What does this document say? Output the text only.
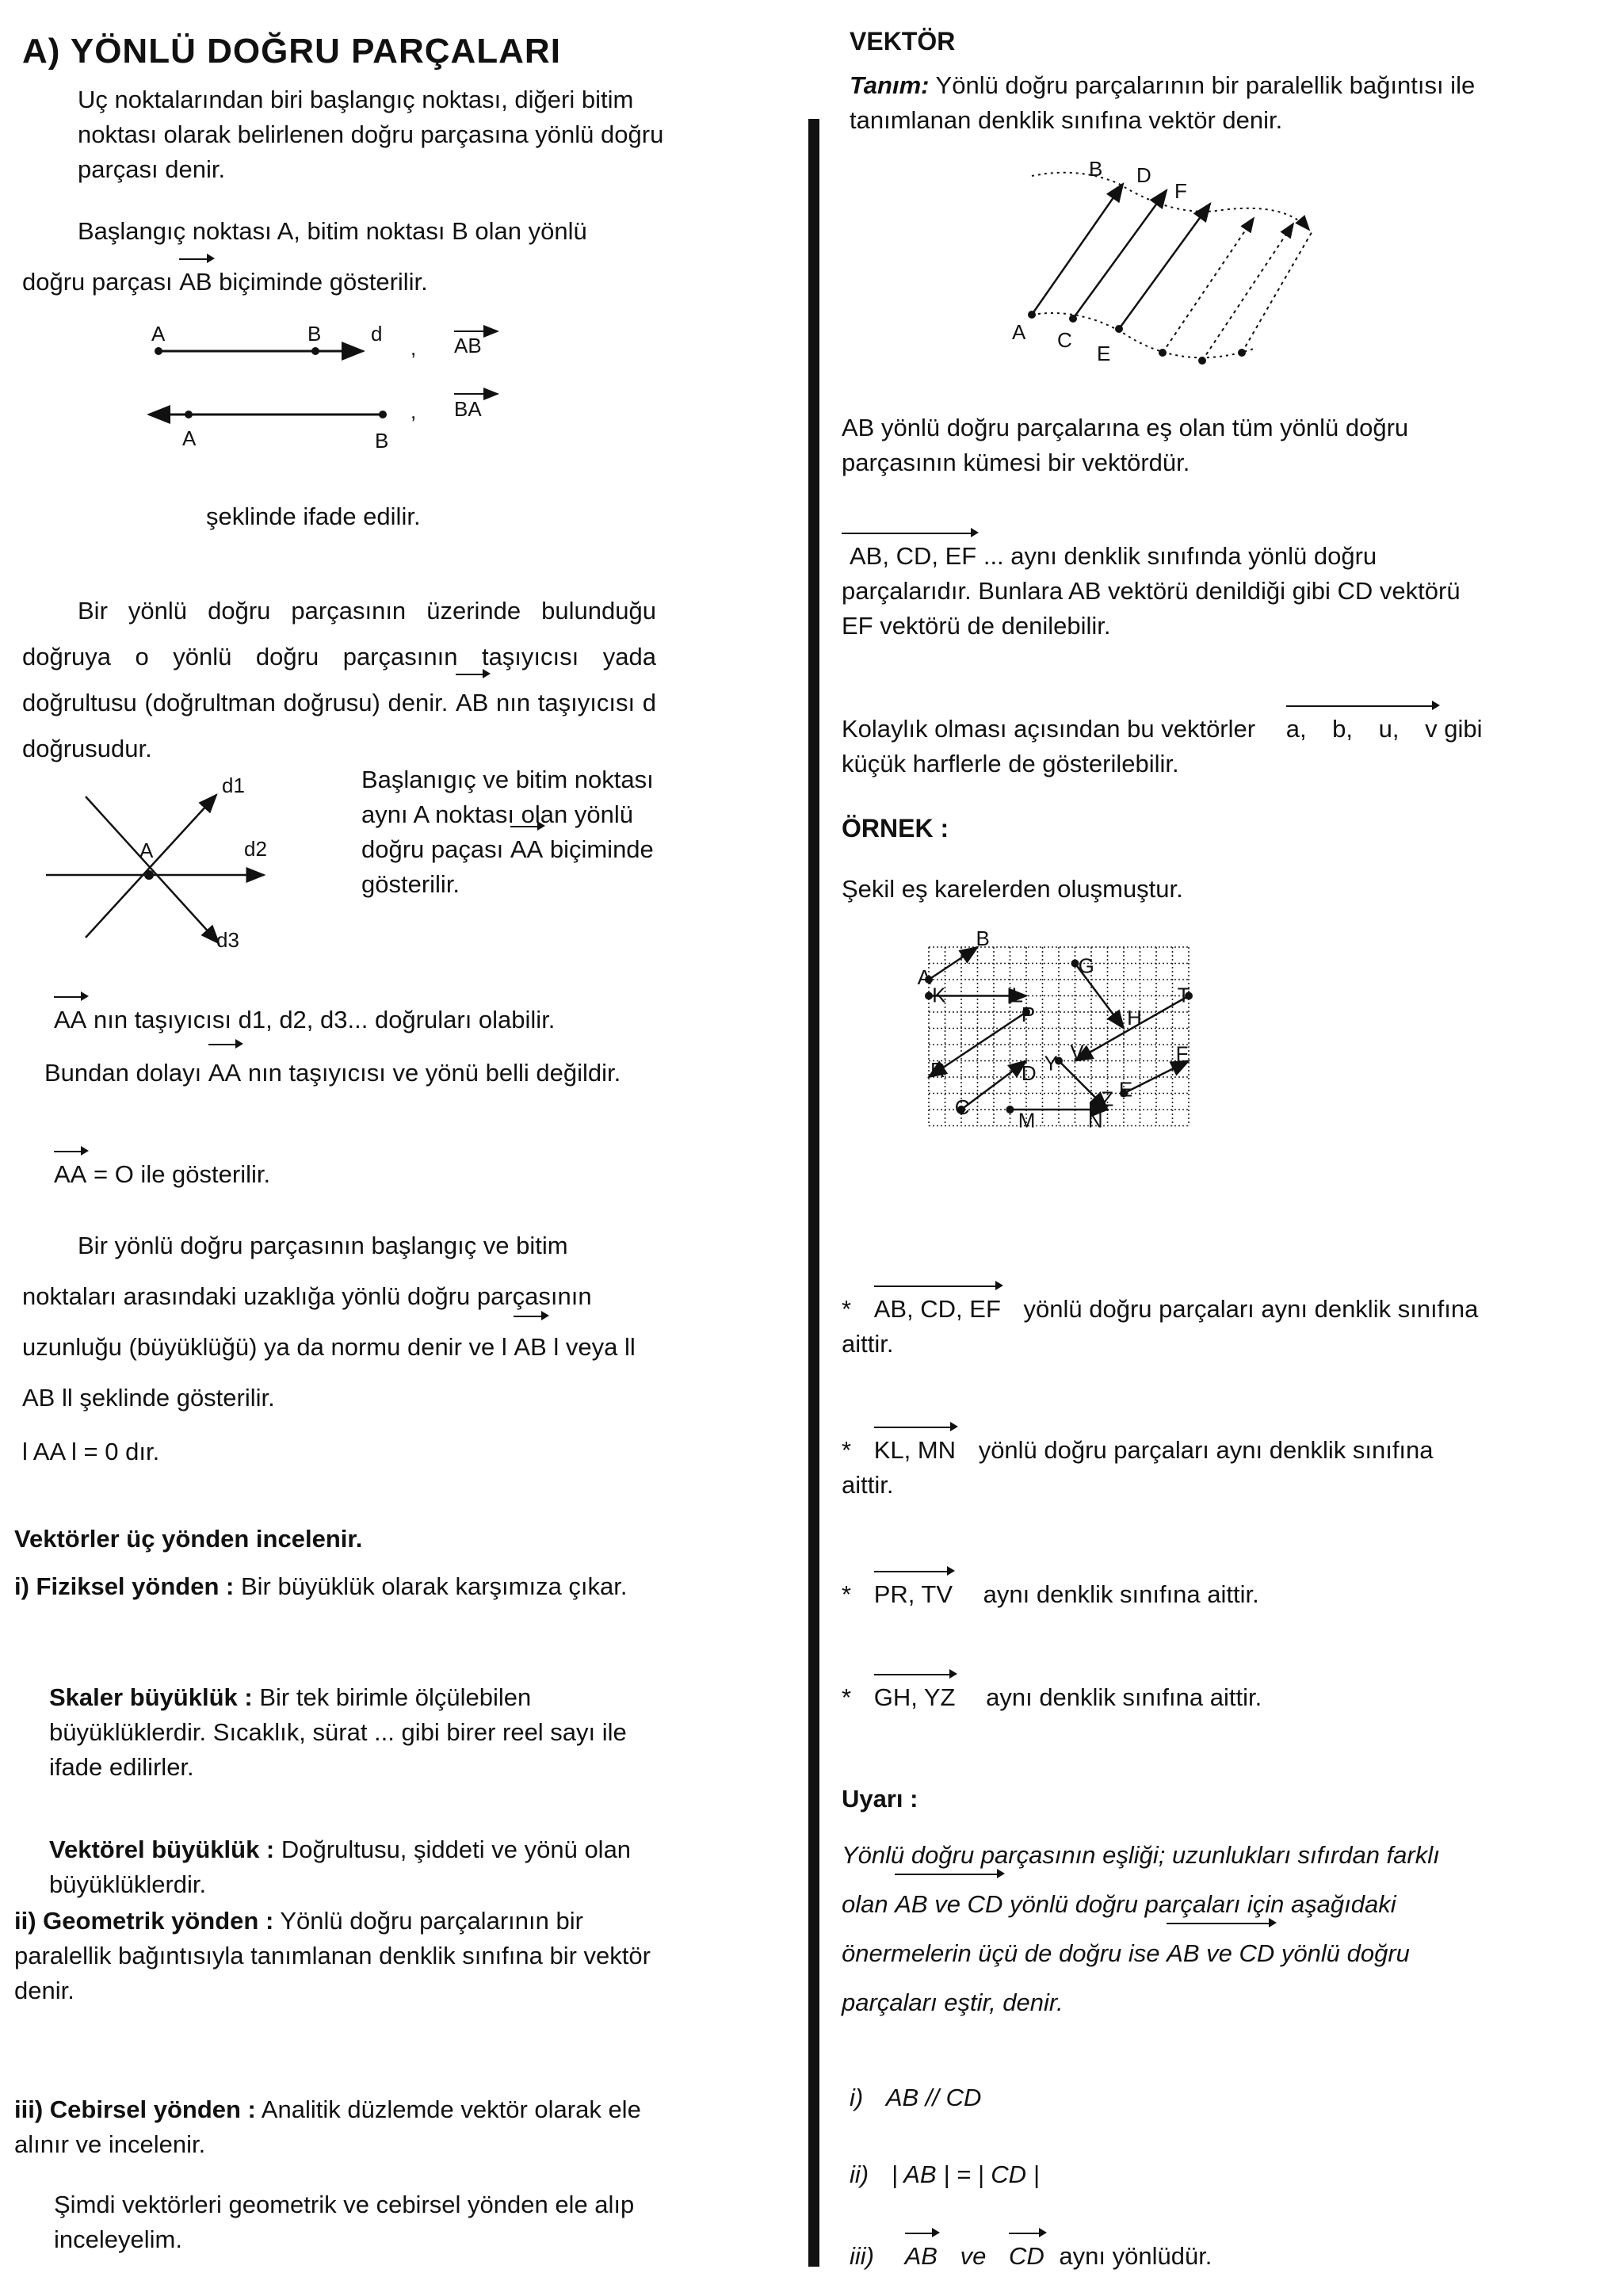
A) YÖNLÜ DOĞRU PARÇALARI
Uç noktalarından biri başlangıç noktası, diğeri bitim noktası olarak belirlenen doğru parçasına yönlü doğru parçası denir.
Başlangıç noktası A, bitim noktası B olan yönlü
doğru parçası AB biçiminde gösterilir.
A	B d
, AB
A	B
, BA
şeklinde ifade edilir.
Bir yönlü doğru parçasının üzerinde bulunduğu doğruya o yönlü doğru parçasının taşıyıcısı yada doğrultusu (doğrultman doğrusu) denir. AB nın taşıyıcısı d doğrusudur.
A
d1
d2
d3
Başlanıgıç ve bitim noktası aynı A noktası olan yönlü doğru paçası AA biçiminde gösterilir.
AA nın taşıyıcısı d1, d2, d3... doğruları olabilir.
Bundan dolayı AA nın taşıyıcısı ve yönü belli değildir.
AA = O ile gösterilir.
Bir yönlü doğru parçasının başlangıç ve bitim noktaları arasındaki uzaklığa yönlü doğru parçasının uzunluğu (büyüklüğü) ya da normu denir ve l AB l veya ll AB ll şeklinde gösterilir.
l AA l = 0 dır.
Vektörler üç yönden incelenir.
i) Fiziksel yönden : Bir büyüklük olarak karşımıza çıkar.
Skaler büyüklük : Bir tek birimle ölçülebilen büyüklüklerdir. Sıcaklık, sürat ... gibi birer reel sayı ile ifade edilirler.
Vektörel büyüklük : Doğrultusu, şiddeti ve yönü olan büyüklüklerdir.
ii) Geometrik yönden : Yönlü doğru parçalarının bir paralellik bağıntısıyla tanımlanan denklik sınıfına bir vektör denir.
iii) Cebirsel yönden : Analitik düzlemde vektör olarak ele alınır ve incelenir.
Şimdi vektörleri geometrik ve cebirsel yönden ele alıp inceleyelim.
VEKTÖR
Tanım: Yönlü doğru parçalarının bir paralellik bağıntısı ile tanımlanan denklik sınıfına vektör denir.
B D
F
A C
E
AB yönlü doğru parçalarına eş olan tüm yönlü doğru parçasının kümesi bir vektördür.
AB, CD, EF ... aynı denklik sınıfında yönlü doğru parçalarıdır. Bunlara AB vektörü denildiği gibi CD vektörü EF vektörü de denilebilir.
Kolaylık olması açısından bu vektörler a, b, u, v gibi küçük harflerle de gösterilebilir.
ÖRNEK :
Şekil eş karelerden oluşmuştur.
A
B
G
K	L	T
H
P
V
R	Y	F
D
E
C	Z
M	N
* AB, CD, EF yönlü doğru parçaları aynı denklik sınıfına aittir.
* KL, MN yönlü doğru parçaları aynı denklik sınıfına aittir.
* PR, TV aynı denklik sınıfına aittir.
* GH, YZ aynı denklik sınıfına aittir.
Uyarı :
Yönlü doğru parçasının eşliği; uzunlukları sıfırdan farklı olan AB ve CD yönlü doğru parçaları için aşağıdaki önermelerin üçü de doğru ise AB ve CD yönlü doğru parçaları eştir, denir.
i) AB // CD
ii) | AB | = | CD |
iii) AB ve CD aynı yönlüdür.
